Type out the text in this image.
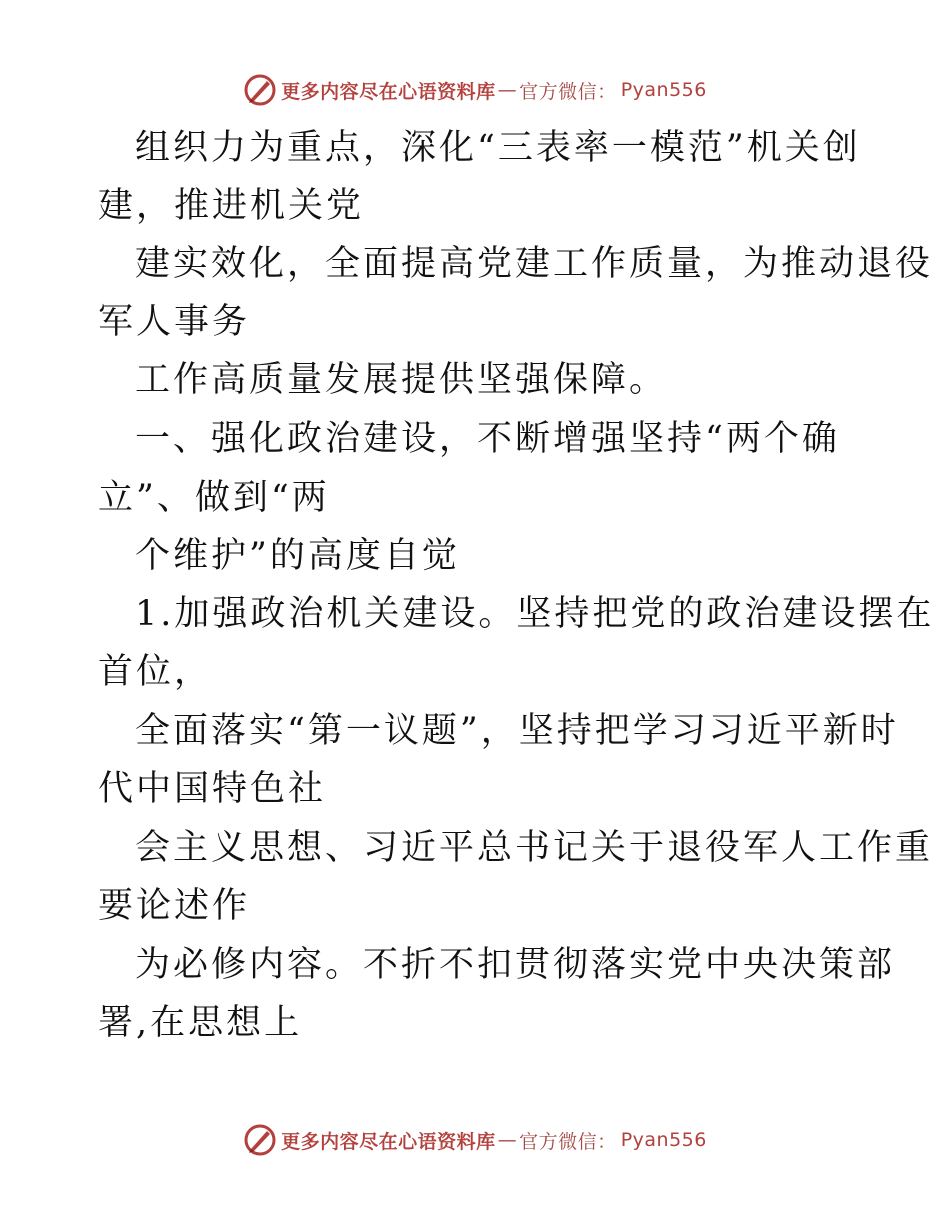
更多内容尽在心语资料库 — 官方微信： Pyan556
组织力为重点，深化“三表率一模范”机关创
建，推进机关党
建实效化，全面提高党建工作质量，为推动退役
军人事务
工作高质量发展提供坚强保障。
一、强化政治建设，不断增强坚持“两个确
立”、做到“两
个维护”的高度自觉
1.加强政治机关建设。坚持把党的政治建设摆在
首位，
全面落实“第一议题”，坚持把学习习近平新时
代中国特色社
会主义思想、习近平总书记关于退役军人工作重
要论述作
为必修内容。不折不扣贯彻落实党中央决策部
署,在思想上
更多内容尽在心语资料库 — 官方微信： Pyan556
